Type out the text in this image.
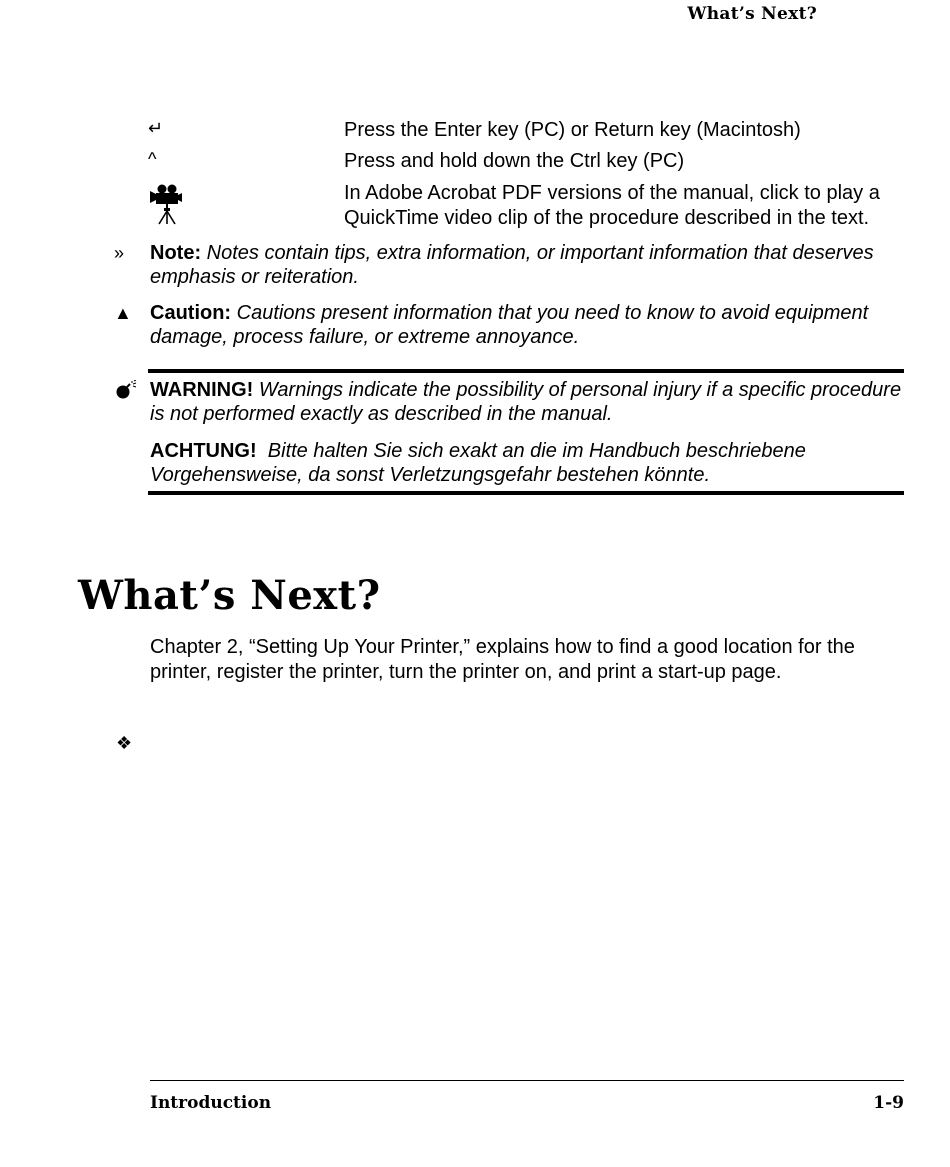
What’s Next?
↵	Press the Enter key (PC) or Return key (Macintosh)
^	Press and hold down the Ctrl key (PC)
In Adobe Acrobat PDF versions of the manual, click to play a QuickTime video clip of the procedure described in the text.
»	Note: Notes contain tips, extra information, or important information that deserves emphasis or reiteration.
▲ Caution: Cautions present information that you need to know to avoid equipment damage, process failure, or extreme annoyance.
WARNING! Warnings indicate the possibility of personal injury if a specific procedure is not performed exactly as described in the manual.
ACHTUNG! Bitte halten Sie sich exakt an die im Handbuch beschriebene Vorgehensweise, da sonst Verletzungsgefahr bestehen könnte.
What’s Next?
Chapter 2, “Setting Up Your Printer,” explains how to find a good location for the printer, register the printer, turn the printer on, and print a start-up page.
❖
Introduction	1-9
